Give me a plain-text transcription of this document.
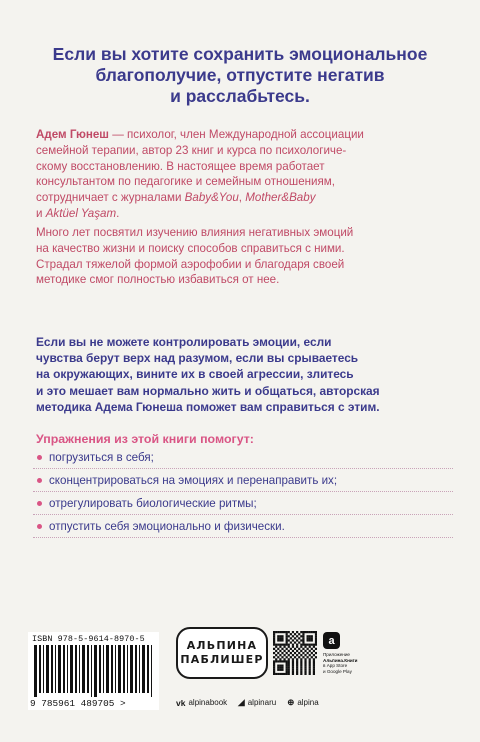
Если вы хотите сохранить эмоциональное
благополучие, отпустите негатив
и расслабьтесь.

Адем Гюнеш — психолог, член Международной ассоциации
семейной терапии, автор 23 книг и курса по психологиче-
скому восстановлению. В настоящее время работает
консультантом по педагогике и семейным отношениям,
сотрудничает с журналами Baby&You, Mother&Baby
и Aktüel Yaşam.

Много лет посвятил изучению влияния негативных эмоций
на качество жизни и поиску способов справиться с ними.
Страдал тяжелой формой аэрофобии и благодаря своей
методике смог полностью избавиться от нее.

Если вы не можете контролировать эмоции, если
чувства берут верх над разумом, если вы срываетесь
на окружающих, вините их в своей агрессии, злитесь
и это мешает вам нормально жить и общаться, авторская
методика Адема Гюнеша поможет вам справиться с этим.

Упражнения из этой книги помогут:
погрузиться в себя;
сконцентрироваться на эмоциях и перенаправить их;
отрегулировать биологические ритмы;
отпустить себя эмоционально и физически.
ISBN 978-5-9614-8970-5
9 785961 489705 >
АЛЬПИНА
ПАБЛИШЕР
a
Приложение
Альпина.Книги
в App Store
и Google Play
vk alpinabook ◢ alpinaru ⊕ alpina
